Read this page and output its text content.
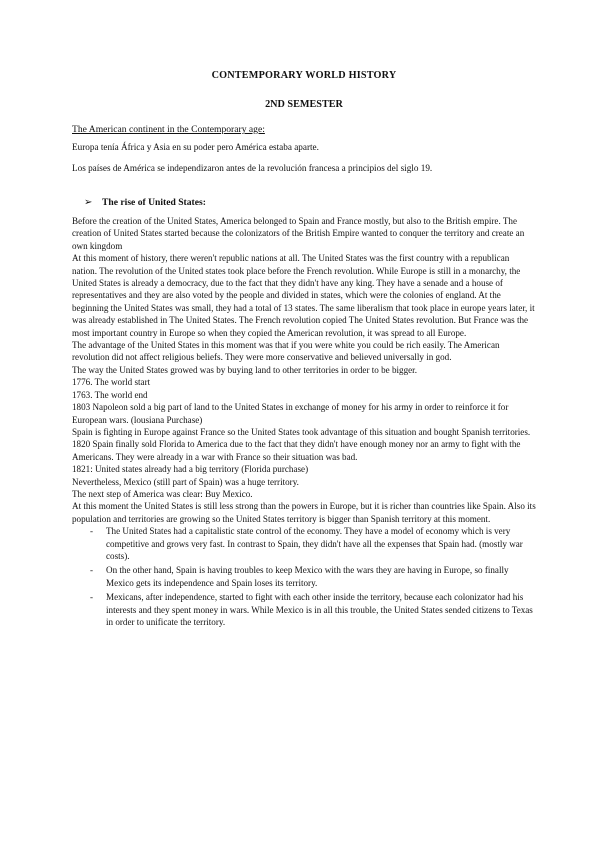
CONTEMPORARY WORLD HISTORY
2ND SEMESTER
The American continent in the Contemporary age:

Europa tenía África y Asia en su poder pero América estaba aparte.

Los países de América se independizaron antes de la revolución francesa a principios del siglo 19.

➢ The rise of United States:

Before the creation of the United States, America belonged to Spain and France mostly, but also to the British empire. The creation of United States started because the colonizators of the British Empire wanted to conquer the territory and create an own kingdom

At this moment of history, there weren't republic nations at all. The United States was the first country with a republican nation. The revolution of the United states took place before the French revolution. While Europe is still in a monarchy, the United States is already a democracy, due to the fact that they didn't have any king. They have a senade and a house of representatives and they are also voted by the people and divided in states, which were the colonies of england. At the beginning the United States was small, they had a total of 13 states. The same liberalism that took place in europe years later, it was already established in The United States. The French revolution copied The United States revolution. But France was the most important country in Europe so when they copied the American revolution, it was spread to all Europe.

The advantage of the United States in this moment was that if you were white you could be rich easily. The American revolution did not affect religious beliefs. They were more conservative and believed universally in god.

The way the United States growed was by buying land to other territories in order to be bigger.

1776. The world start

1763. The world end

1803 Napoleon sold a big part of land to the United States in exchange of money for his army in order to reinforce it for European wars. (lousiana Purchase)

Spain is fighting in Europe against France so the United States took advantage of this situation and bought Spanish territories.

1820 Spain finally sold Florida to America due to the fact that they didn't have enough money nor an army to fight with the Americans. They were already in a war with France so their situation was bad.

1821: United states already had a big territory (Florida purchase)

Nevertheless, Mexico (still part of Spain) was a huge territory.

The next step of America was clear: Buy Mexico.

At this moment the United States is still less strong than the powers in Europe, but it is richer than countries like Spain. Also its population and territories are growing so the United States territory is bigger than Spanish territory at this moment.

- The United States had a capitalistic state control of the economy. They have a model of economy which is very competitive and grows very fast. In contrast to Spain, they didn't have all the expenses that Spain had. (mostly war costs).
- On the other hand, Spain is having troubles to keep Mexico with the wars they are having in Europe, so finally Mexico gets its independence and Spain loses its territory.
- Mexicans, after independence, started to fight with each other inside the territory, because each colonizator had his interests and they spent money in wars. While Mexico is in all this trouble, the United States sended citizens to Texas in order to unificate the territory.
